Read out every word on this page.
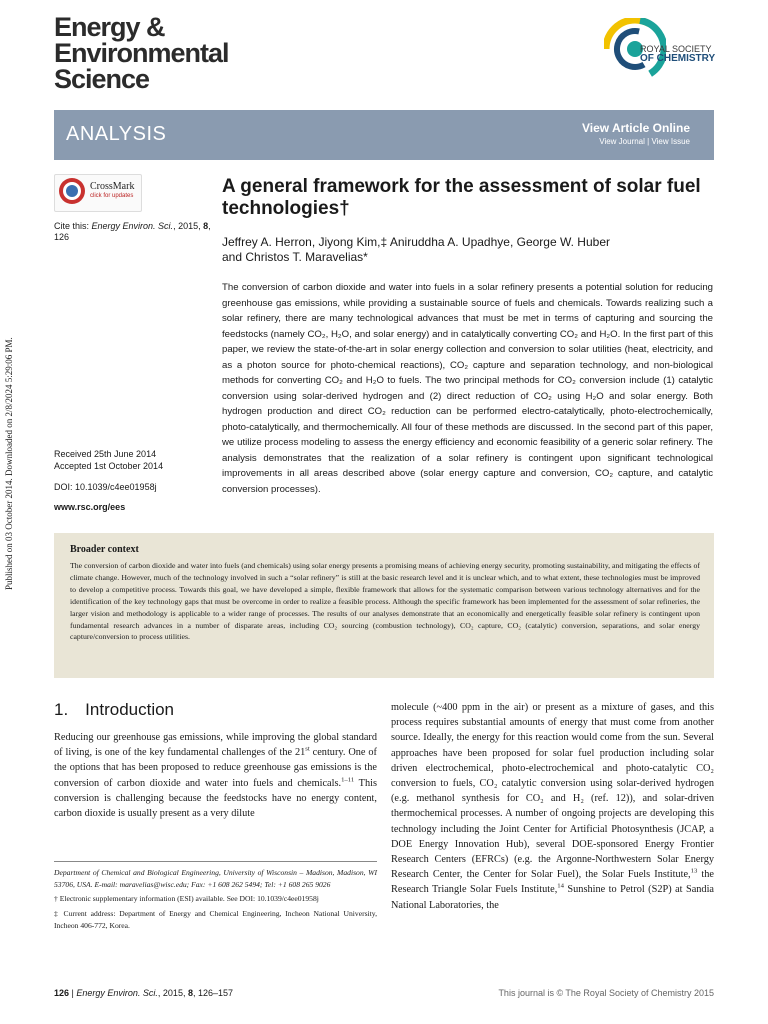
Energy &
Environmental
Science
ROYAL SOCIETY
OF CHEMISTRY
ANALYSIS	View Article Online
View Journal | View Issue
CrossMark
click for updates
Cite this: Energy Environ. Sci., 2015, 8, 126
Received 25th June 2014
Accepted 1st October 2014
DOI: 10.1039/c4ee01958j
www.rsc.org/ees
A general framework for the assessment of solar fuel technologies†
Jeffrey A. Herron, Jiyong Kim,‡ Aniruddha A. Upadhye, George W. Huber
and Christos T. Maravelias*
The conversion of carbon dioxide and water into fuels in a solar refinery presents a potential solution for reducing greenhouse gas emissions, while providing a sustainable source of fuels and chemicals. Towards realizing such a solar refinery, there are many technological advances that must be met in terms of capturing and sourcing the feedstocks (namely CO₂, H₂O, and solar energy) and in catalytically converting CO₂ and H₂O. In the first part of this paper, we review the state-of-the-art in solar energy collection and conversion to solar utilities (heat, electricity, and as a photon source for photo-chemical reactions), CO₂ capture and separation technology, and non-biological methods for converting CO₂ and H₂O to fuels. The two principal methods for CO₂ conversion include (1) catalytic conversion using solar-derived hydrogen and (2) direct reduction of CO₂ using H₂O and solar energy. Both hydrogen production and direct CO₂ reduction can be performed electro-catalytically, photo-electrochemically, photo-catalytically, and thermochemically. All four of these methods are discussed. In the second part of this paper, we utilize process modeling to assess the energy efficiency and economic feasibility of a generic solar refinery. The analysis demonstrates that the realization of a solar refinery is contingent upon significant technological improvements in all areas described above (solar energy capture and conversion, CO₂ capture, and catalytic conversion processes).
Published on 03 October 2014. Downloaded on 2/8/2024 5:29:06 PM.	Broader context
The conversion of carbon dioxide and water into fuels (and chemicals) using solar energy presents a promising means of achieving energy security, promoting sustainability, and mitigating the effects of climate change. However, much of the technology involved in such a “solar refinery” is still at the basic research level and it is unclear which, and to what extent, these technologies must be improved to develop a competitive process. Towards this goal, we have developed a simple, flexible framework that allows for the systematic comparison between various technology alternatives and for the identification of the key technology gaps that must be overcome in order to realize a feasible process. Although the specific framework has been implemented for the assessment of solar refineries, the larger vision and methodology is applicable to a wider range of processes. The results of our analyses demonstrate that an economically and energetically feasible solar refinery is contingent upon fundamental research advances in a number of disparate areas, including CO₂ sourcing (combustion technology), CO₂ capture, CO₂ (catalytic) conversion, separations, and solar energy capture/conversion to process utilities.
1. Introduction
Reducing our greenhouse gas emissions, while improving the global standard of living, is one of the key fundamental challenges of the 21st century. One of the options that has been proposed to reduce greenhouse gas emissions is the conversion of carbon dioxide and water into fuels and chemicals.$^{1-11}$ This conversion is challenging because the feedstocks have no energy content, carbon dioxide is usually present as a very dilute
molecule (~400 ppm in the air) or present as a mixture of gases, and this process requires substantial amounts of energy that must come from another source. Ideally, the energy for this reaction would come from the sun. Several approaches have been proposed for solar fuel production including solar driven electrochemical, photo-electrochemical and photo-catalytic CO₂ conversion to fuels, CO₂ catalytic conversion using solar-derived hydrogen (e.g. methanol synthesis for CO₂ and H₂ (ref. 12)), and solar-driven thermochemical processes. A number of ongoing projects are developing this technology including the Joint Center for Artificial Photosynthesis (JCAP, a DOE Energy Innovation Hub), several DOE-sponsored Energy Frontier Research Centers (EFRCs) (e.g. the Argonne-Northwestern Solar Energy Research Center, the Center for Solar Fuel), the Solar Fuels Institute,$^{13}$ the Research Triangle Solar Fuels Institute,$^{14}$ Sunshine to Petrol (S2P) at Sandia National Laboratories, the

Department of Chemical and Biological Engineering, University of Wisconsin – Madison, Madison, WI 53706, USA. E-mail: maravelias@wisc.edu; Fax: +1 608 262 5494; Tel: +1 608 265 9026

† Electronic supplementary information (ESI) available. See DOI: 10.1039/c4ee01958j

‡ Current address: Department of Energy and Chemical Engineering, Incheon National University, Incheon 406-772, Korea.

126 | Energy Environ. Sci., 2015, 8, 126–157	This journal is © The Royal Society of Chemistry 2015
